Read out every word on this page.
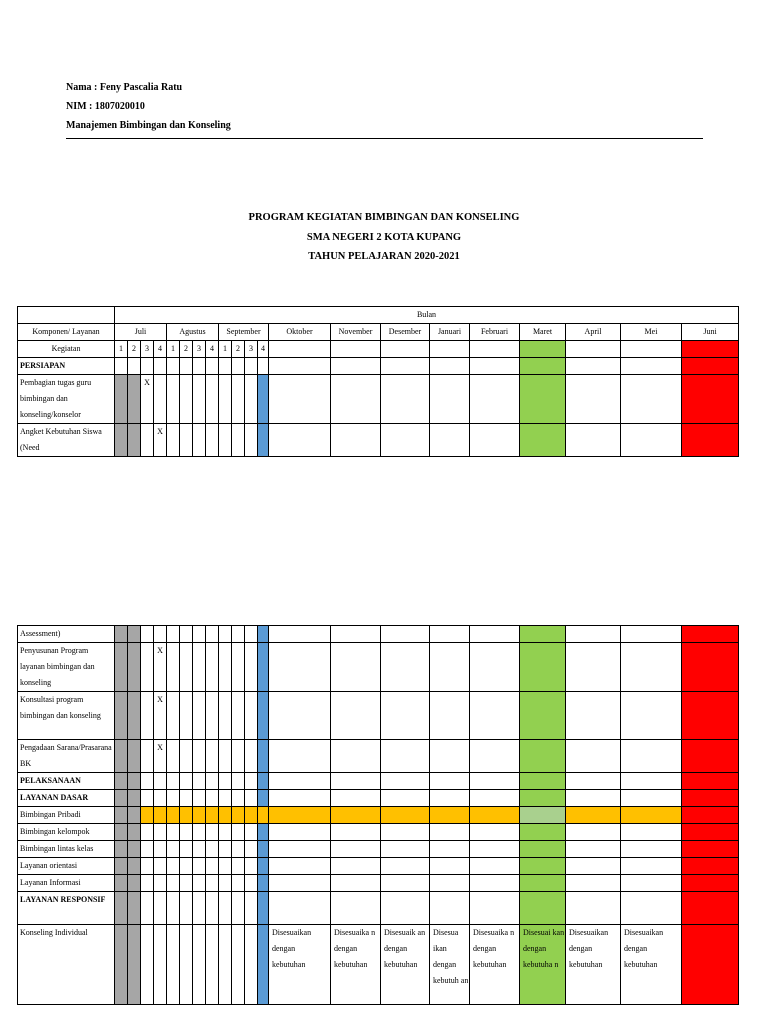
Nama : Feny Pascalia Ratu
NIM : 1807020010
Manajemen Bimbingan dan Konseling
PROGRAM KEGIATAN BIMBINGAN DAN KONSELING
SMA NEGERI 2 KOTA KUPANG
TAHUN PELAJARAN 2020-2021
	Bulan																				
Komponen/ Layanan	Juli				Agustus				September				Oktober	November	Desember	Januari	Februari	Maret	April	Mei	Juni
Kegiatan	1	2	3	4	1	2	3	4	1	2	3	4									
PERSIAPAN																					
Pembagian tugas guru bimbingan dan konseling/konselor			X																		
Angket Kebutuhan Siswa (Need				X																	
Assessment)																					
Penyusunan Program layanan bimbingan dan konseling				X																	
Konsultasi program bimbingan dan konseling				X																	
Pengadaan Sarana/Prasarana BK				X																	
PELAKSANAAN																					
LAYANAN DASAR																					
Bimbingan Pribadi																					
Bimbingan kelompok																					
Bimbingan lintas kelas																					
Layanan orientasi																					
Layanan Informasi																					
LAYANAN RESPONSIF																					
Konseling Individual													Disesuaikan dengan kebutuhan	Disesuaika n dengan kebutuhan	Disesuaik an dengan kebutuhan	Disesua ikan dengan kebutuh an	Disesuaika n dengan kebutuhan	Disesuai kan dengan kebutuha n	Disesuaikan dengan kebutuhan	Disesuaikan dengan kebutuhan	
